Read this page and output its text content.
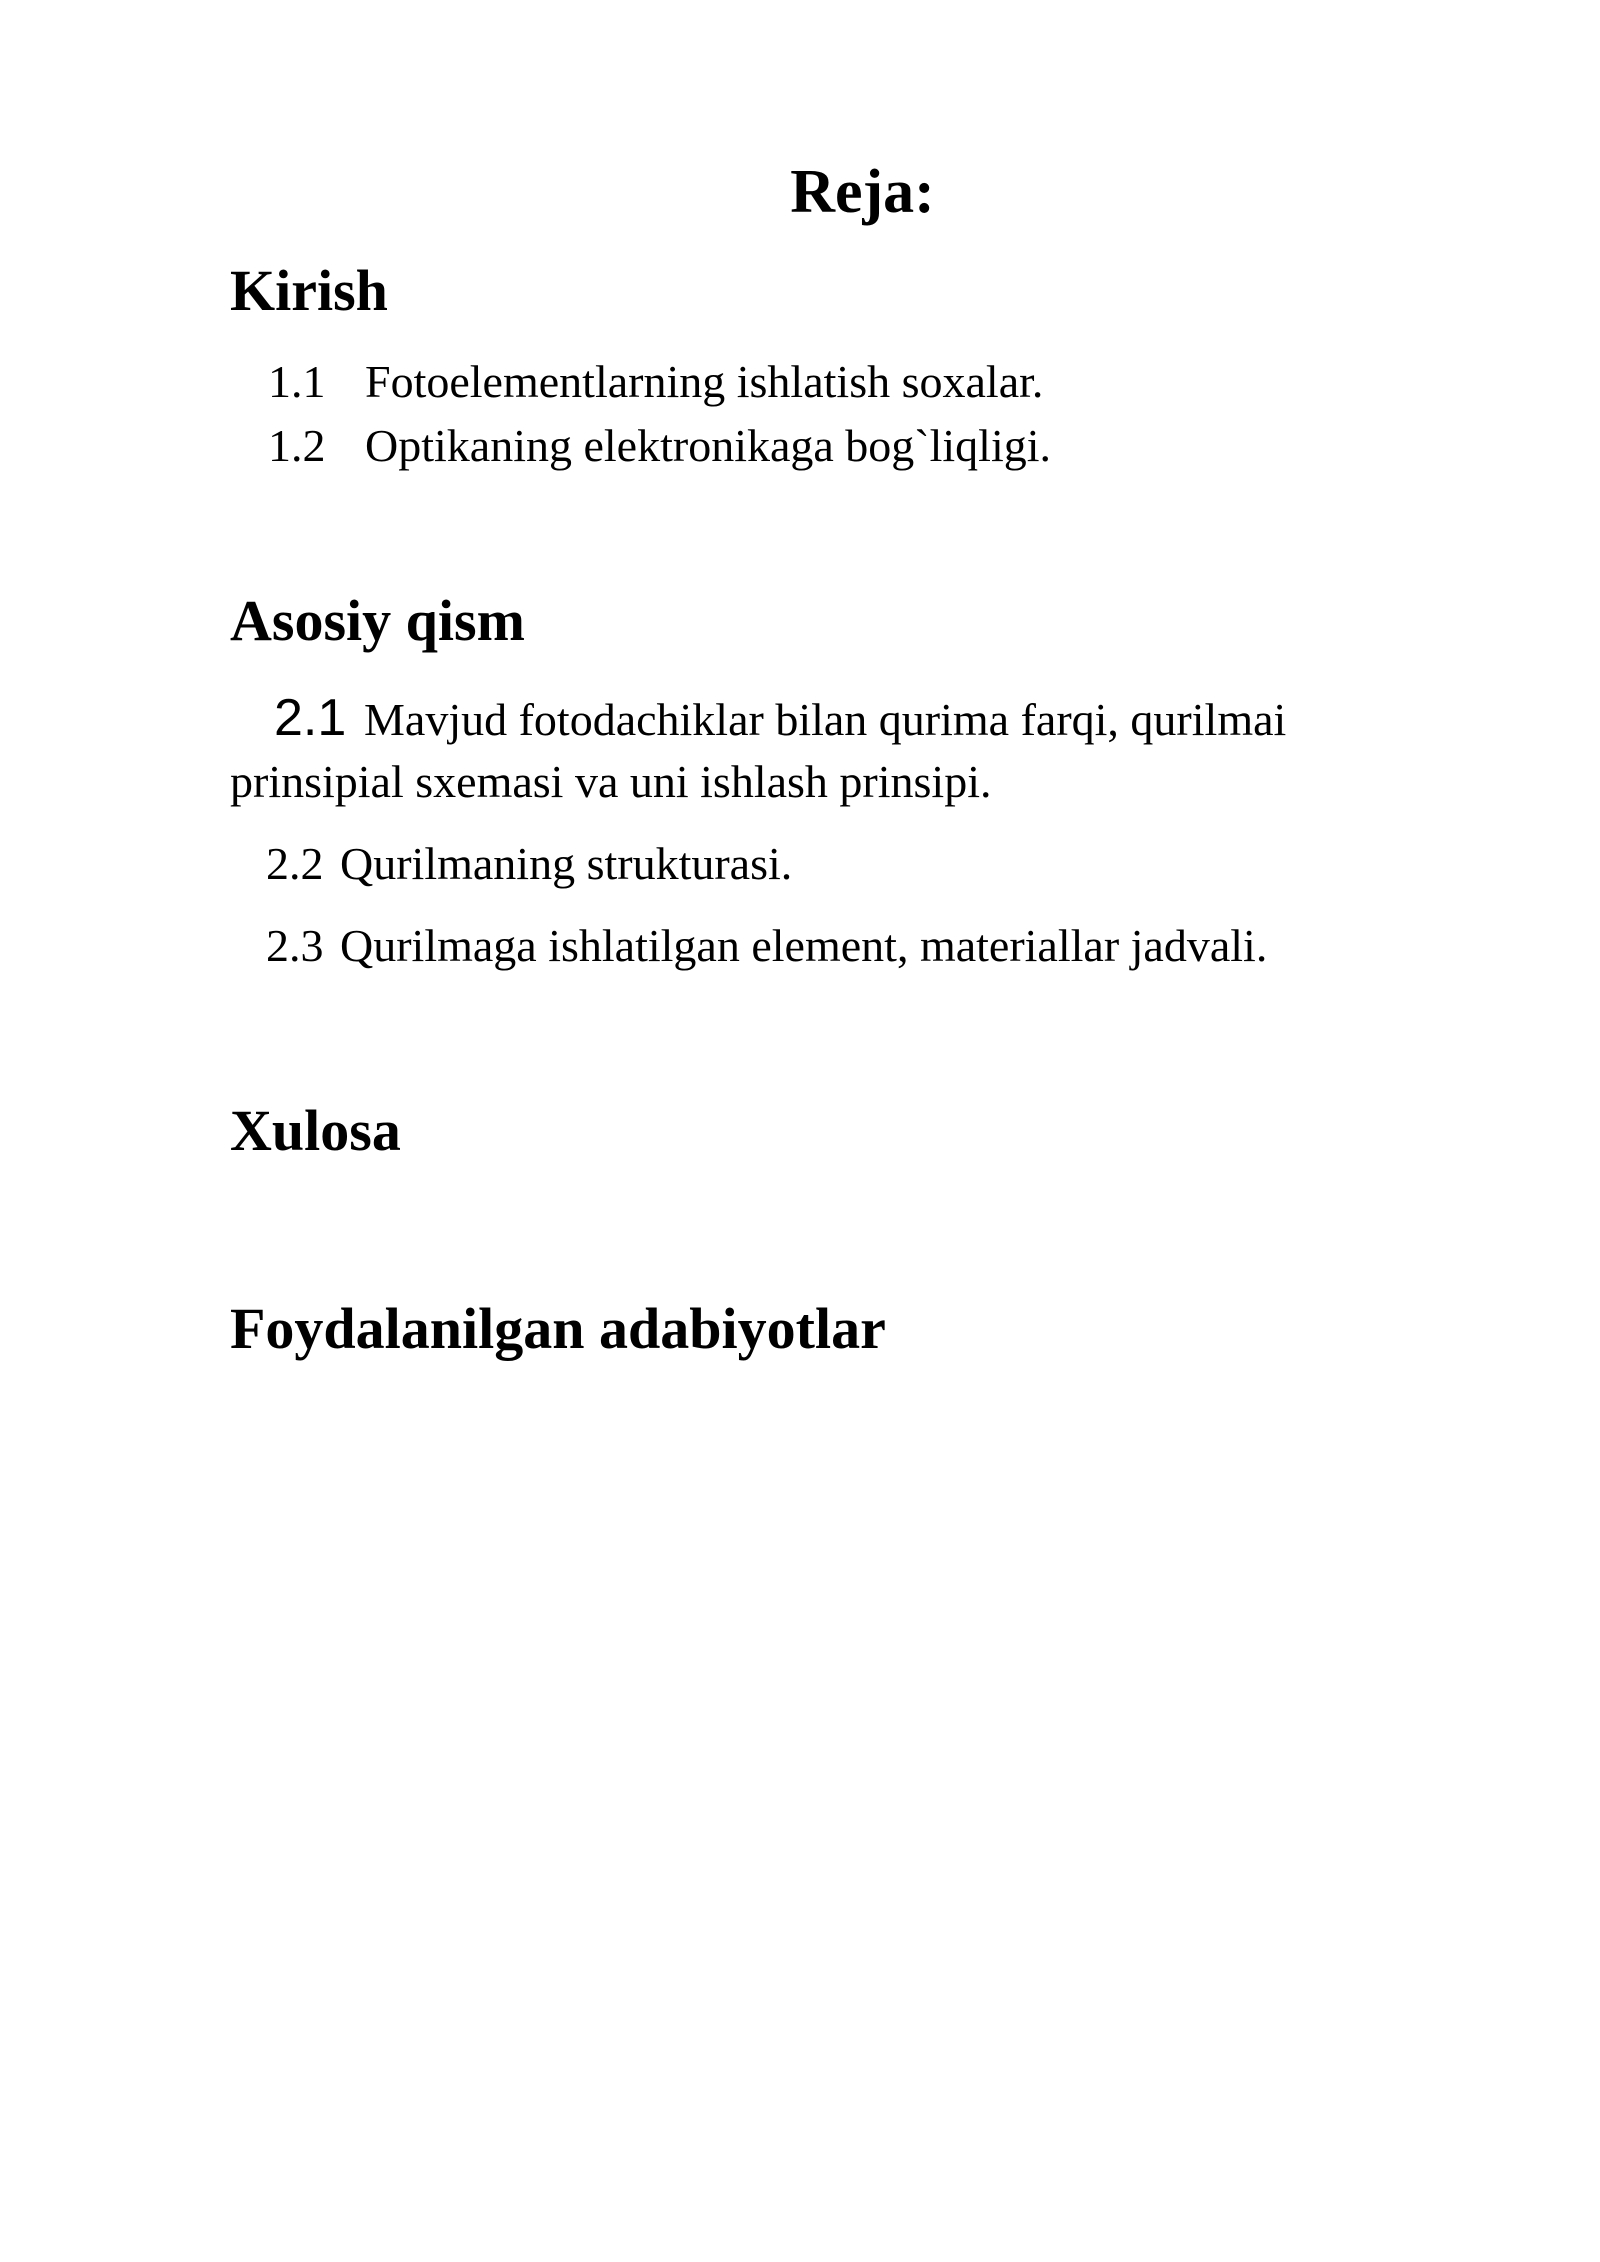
Reja:
Kirish

1.1 Fotoelementlarning ishlatish soxalar.

1.2 Optikaning elektronikaga bog`liqligi.

Asosiy qism

2.1 Mavjud fotodachiklar bilan qurima farqi, qurilmai

prinsipial sxemasi va uni ishlash prinsipi.

2.2 Qurilmaning strukturasi.

2.3 Qurilmaga ishlatilgan element, materiallar jadvali.

Xulosa
Foydalanilgan adabiyotlar
